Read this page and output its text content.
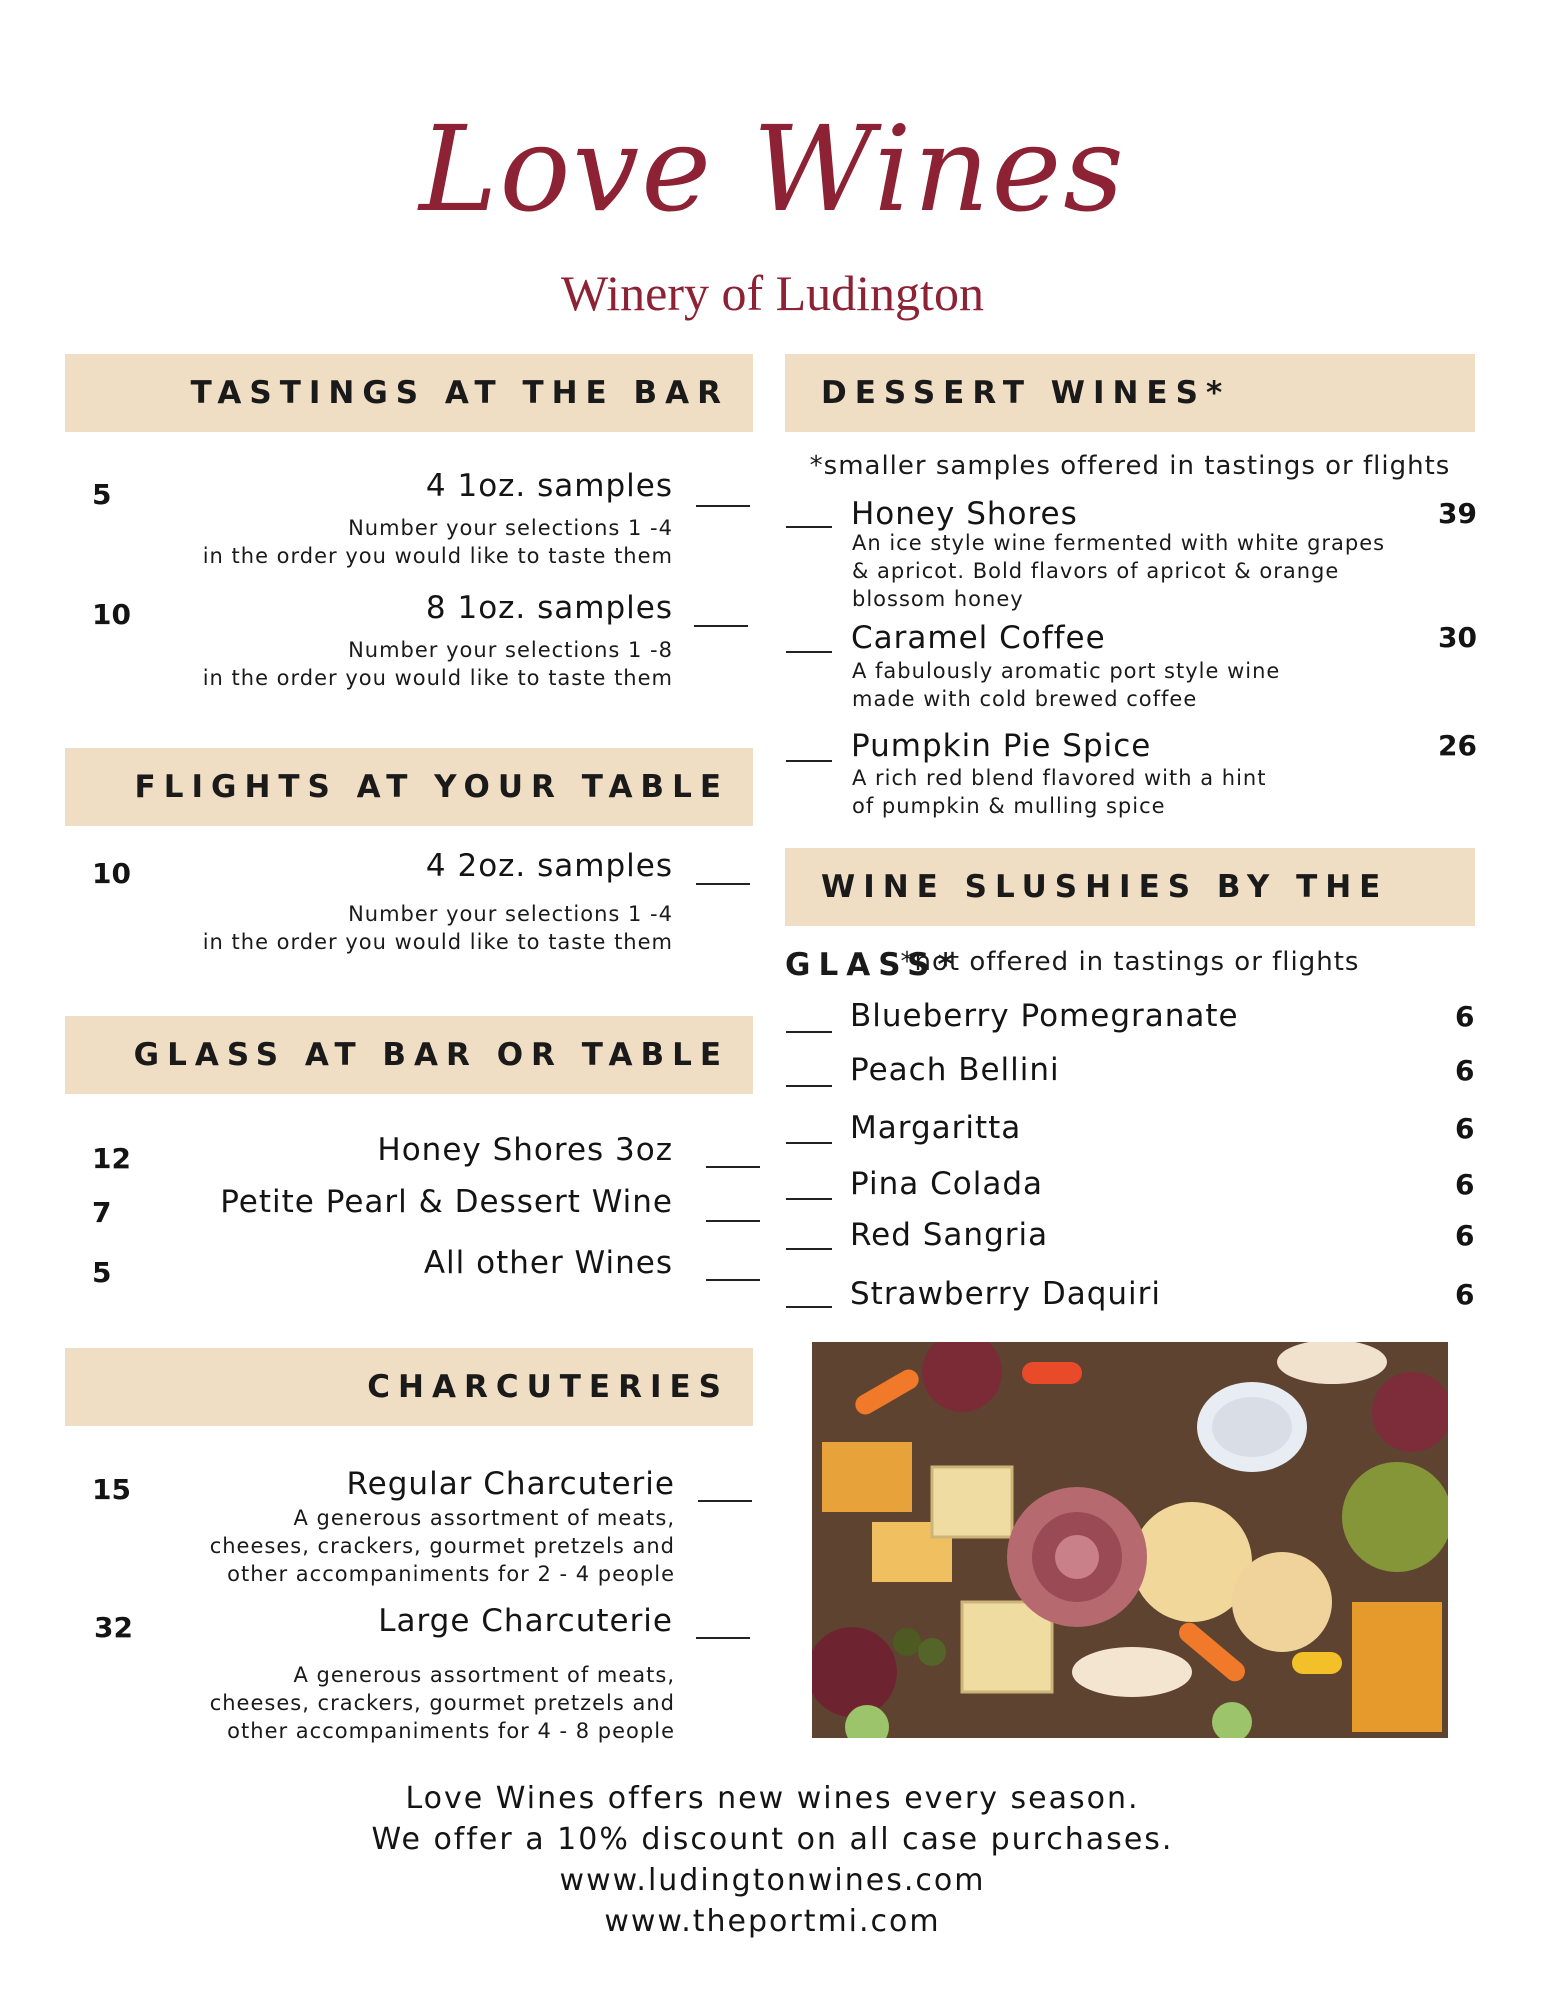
Love Wines
Winery of Ludington
TASTINGS AT THE BAR
5	4 1oz. samples
Number your selections 1 -4
in the order you would like to taste them
10	8 1oz. samples
Number your selections 1 -8
in the order you would like to taste them
FLIGHTS AT YOUR TABLE
10	4 2oz. samples
Number your selections 1 -4
in the order you would like to taste them
GLASS AT BAR OR TABLE
12	Honey Shores 3oz
7	Petite Pearl & Dessert Wine
5	All other Wines
CHARCUTERIES
15	Regular Charcuterie
A generous assortment of meats,
cheeses, crackers, gourmet pretzels and
other accompaniments for 2 - 4 people
32	Large Charcuterie
A generous assortment of meats,
cheeses, crackers, gourmet pretzels and
other accompaniments for 4 - 8 people
DESSERT WINES*
*smaller samples offered in tastings or flights
Honey Shores	39
An ice style wine fermented with white grapes
& apricot. Bold flavors of apricot & orange
blossom honey
Caramel Coffee	30
A fabulously aromatic port style wine
made with cold brewed coffee
Pumpkin Pie Spice	26
A rich red blend flavored with a hint
of pumpkin & mulling spice
WINE SLUSHIES BY THE GLASS*
*not offered in tastings or flights
Blueberry Pomegranate	6
Peach Bellini	6
Margaritta	6
Pina Colada	6
Red Sangria	6
Strawberry Daquiri	6
Love Wines offers new wines every season.
We offer a 10% discount on all case purchases.
www.ludingtonwines.com
www.theportmi.com
